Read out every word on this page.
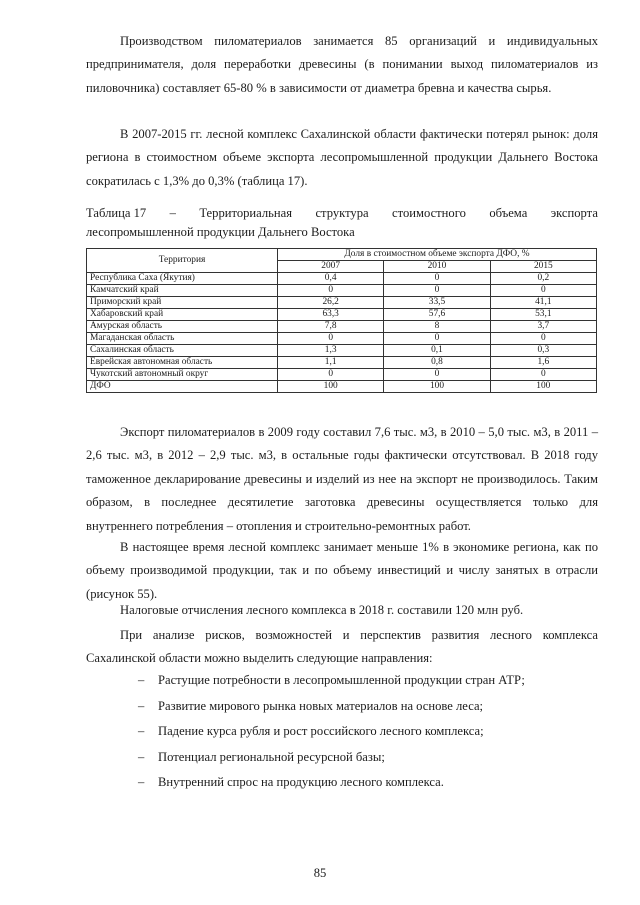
Производством пиломатериалов занимается 85 организаций и индивидуальных предпринимателя, доля переработки древесины (в понимании выход пиломатериалов из пиловочника) составляет 65-80 % в зависимости от диаметра бревна и качества сырья.

В 2007-2015 гг. лесной комплекс Сахалинской области фактически потерял рынок: доля региона в стоимостном объеме экспорта лесопромышленной продукции Дальнего Востока сократилась с 1,3% до 0,3% (таблица 17).

Таблица 17 – Территориальная структура стоимостного объема экспорта
лесопромышленной продукции Дальнего Востока
Территория	Доля в стоимостном объеме экспорта ДФО, %		
	2007	2010	2015
Республика Саха (Якутия)	0,4	0	0,2
Камчатский край	0	0	0
Приморский край	26,2	33,5	41,1
Хабаровский край	63,3	57,6	53,1
Амурская область	7,8	8	3,7
Магаданская область	0	0	0
Сахалинская область	1,3	0,1	0,3
Еврейская автономная область	1,1	0,8	1,6
Чукотский автономный округ	0	0	0
ДФО	100	100	100

Экспорт пиломатериалов в 2009 году составил 7,6 тыс. м3, в 2010 – 5,0 тыс. м3, в 2011 – 2,6 тыс. м3, в 2012 – 2,9 тыс. м3, в остальные годы фактически отсутствовал. В 2018 году таможенное декларирование древесины и изделий из нее на экспорт не производилось. Таким образом, в последнее десятилетие заготовка древесины осуществляется только для внутреннего потребления – отопления и строительно-ремонтных работ.

В настоящее время лесной комплекс занимает меньше 1% в экономике региона, как по объему производимой продукции, так и по объему инвестиций и числу занятых в отрасли (рисунок 55).

Налоговые отчисления лесного комплекса в 2018 г. составили 120 млн руб.

При анализе рисков, возможностей и перспектив развития лесного комплекса Сахалинской области можно выделить следующие направления:

– Растущие потребности в лесопромышленной продукции стран АТР;
– Развитие мирового рынка новых материалов на основе леса;
– Падение курса рубля и рост российского лесного комплекса;
– Потенциал региональной ресурсной базы;
– Внутренний спрос на продукцию лесного комплекса.
85
